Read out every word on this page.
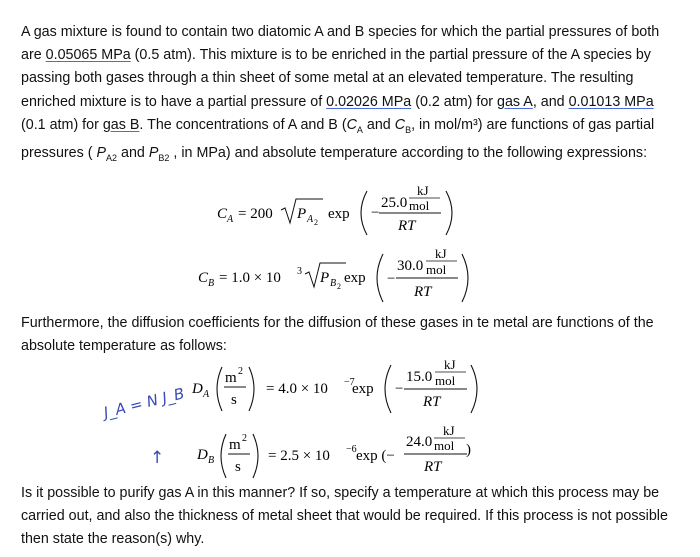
A gas mixture is found to contain two diatomic A and B species for which the partial pressures of both are 0.05065 MPa (0.5 atm). This mixture is to be enriched in the partial pressure of the A species by passing both gases through a thin sheet of some metal at an elevated temperature. The resulting enriched mixture is to have a partial pressure of 0.02026 MPa (0.2 atm) for gas A, and 0.01013 MPa (0.1 atm) for gas B. The concentrations of A and B ($C_A$ and $C_B$, in mol/m³) are functions of gas partial pressures ( $P_{A2}$ and $P_{B2}$ , in MPa) and absolute temperature according to the following expressions:

C A = 200 P A 2
exp −
25.0
kJ
mol
RT
C B = 1.0 × 10 3 P B 2
exp −
30.0
kJ
mol
RT

Furthermore, the diffusion coefficients for the diffusion of these gases in te metal are functions of the absolute temperature as follows:

D A
m 2
s
= 4.0 × 10 −7
exp −
15.0
kJ
mol
RT
D B
m 2
s
= 2.5 × 10 −6 exp (−
24.0
kJ
mol
RT
)
J_A = N J_B
↑

Is it possible to purify gas A in this manner? If so, specify a temperature at which this process may be carried out, and also the thickness of metal sheet that would be required. If this process is not possible then state the reason(s) why.
